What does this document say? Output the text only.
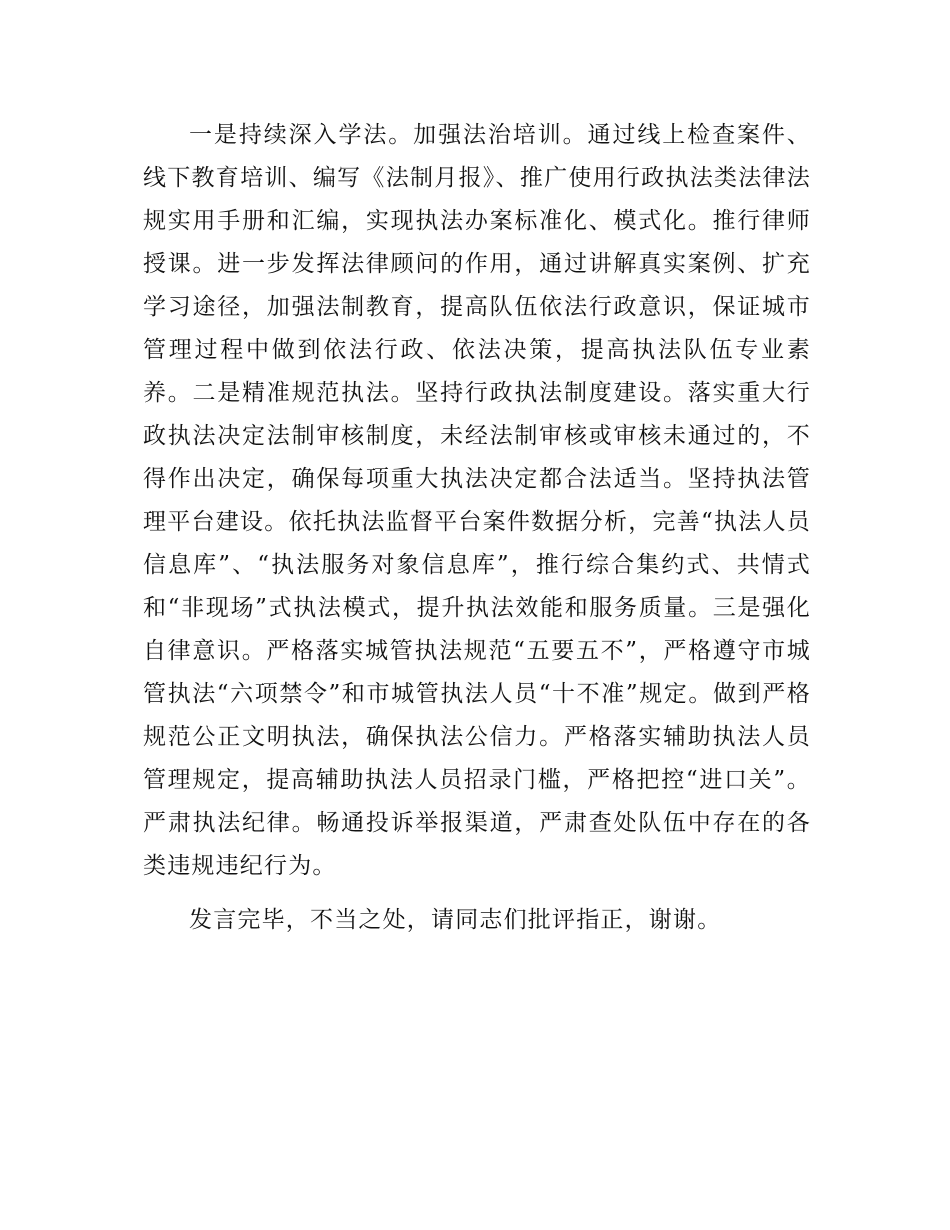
一是持续深入学法。加强法治培训。通过线上检查案件、线下教育培训、编写《法制月报》、推广使用行政执法类法律法规实用手册和汇编，实现执法办案标准化、模式化。推行律师授课。进一步发挥法律顾问的作用，通过讲解真实案例、扩充学习途径，加强法制教育，提高队伍依法行政意识，保证城市管理过程中做到依法行政、依法决策，提高执法队伍专业素养。二是精准规范执法。坚持行政执法制度建设。落实重大行政执法决定法制审核制度，未经法制审核或审核未通过的，不得作出决定，确保每项重大执法决定都合法适当。坚持执法管理平台建设。依托执法监督平台案件数据分析，完善“执法人员信息库”、“执法服务对象信息库”，推行综合集约式、共情式和“非现场”式执法模式，提升执法效能和服务质量。三是强化自律意识。严格落实城管执法规范“五要五不”，严格遵守市城管执法“六项禁令”和市城管执法人员“十不准”规定。做到严格规范公正文明执法，确保执法公信力。严格落实辅助执法人员管理规定，提高辅助执法人员招录门槛，严格把控“进口关”。严肃执法纪律。畅通投诉举报渠道，严肃查处队伍中存在的各类违规违纪行为。

发言完毕，不当之处，请同志们批评指正，谢谢。
